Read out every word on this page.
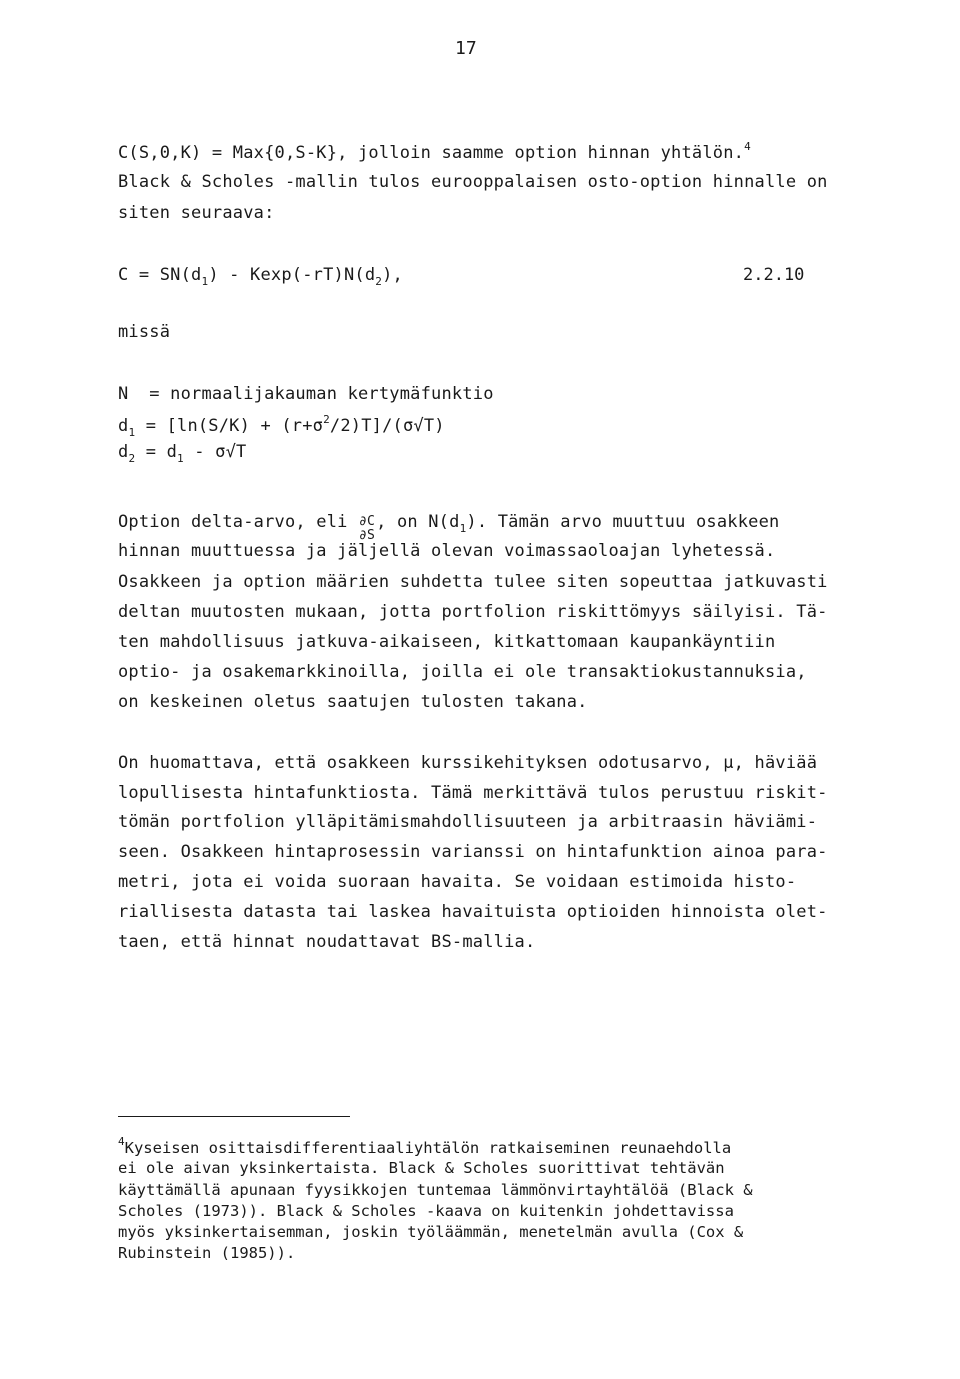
17
C(S,0,K) = Max{0,S-K}, jolloin saamme option hinnan yhtälön.$^4$
Black & Scholes -mallin tulos eurooppalaisen osto-option hinnalle on
siten seuraava:
$C = SN(d_1) - Kexp(-rT)N(d_2)$,	2.2.10
missä
N  = normaalijakauman kertymäfunktio
$d_1 = [\ln(S/K) + (r+\sigma^2/2)T]/(\sigma√T)$
$d_2 = d_1 - \sigma√T$
Option delta-arvo, eli ∂C
∂S
, on $N(d_1)$. Tämän arvo muuttuu osakkeen
hinnan muuttuessa ja jäljellä olevan voimassaoloajan lyhetessä.
Osakkeen ja option määrien suhdetta tulee siten sopeuttaa jatkuvasti
deltan muutosten mukaan, jotta portfolion riskittömyys säilyisi. Tä-
ten mahdollisuus jatkuva-aikaiseen, kitkattomaan kaupankäyntiin
optio- ja osakemarkkinoilla, joilla ei ole transaktiokustannuksia,
on keskeinen oletus saatujen tulosten takana.
On huomattava, että osakkeen kurssikehityksen odotusarvo, μ, häviää
lopullisesta hintafunktiosta. Tämä merkittävä tulos perustuu riskit-
tömän portfolion ylläpitämismahdollisuuteen ja arbitraasin häviämi-
seen. Osakkeen hintaprosessin varianssi on hintafunktion ainoa para-
metri, jota ei voida suoraan havaita. Se voidaan estimoida histo-
riallisesta datasta tai laskea havaituista optioiden hinnoista olet-
taen, että hinnat noudattavat BS-mallia.
$^4$Kyseisen osittaisdifferentiaaliyhtälön ratkaiseminen reunaehdolla
ei ole aivan yksinkertaista. Black & Scholes suorittivat tehtävän
käyttämällä apunaan fyysikkojen tuntemaa lämmönvirtayhtälöä (Black &
Scholes (1973)). Black & Scholes -kaava on kuitenkin johdettavissa
myös yksinkertaisemman, joskin työläämmän, menetelmän avulla (Cox &
Rubinstein (1985)).
